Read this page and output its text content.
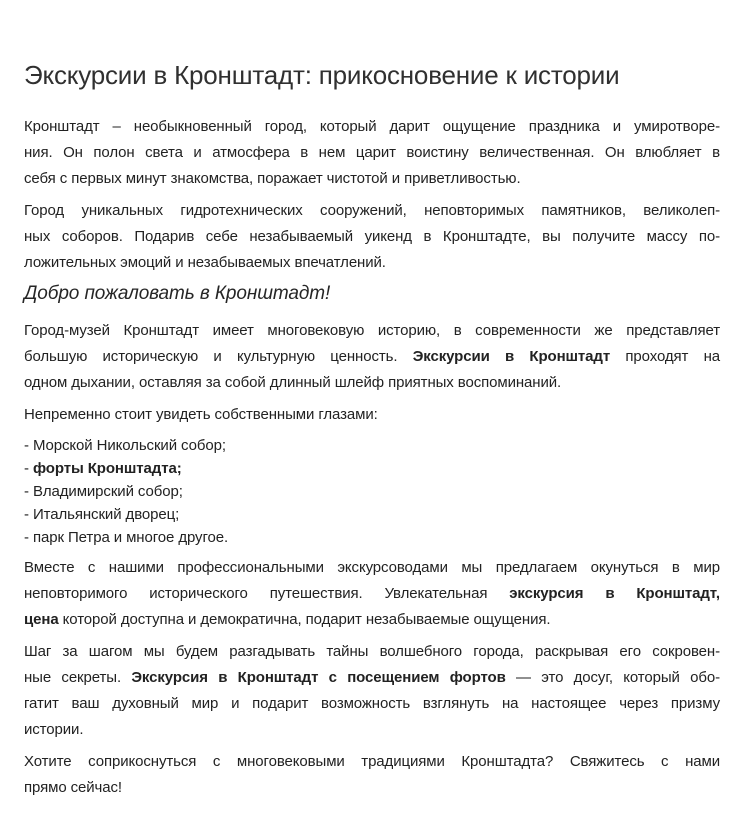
Экскурсии в Кронштадт: прикосновение к истории
Кронштадт – необыкновенный город, который дарит ощущение праздника и умиротворе-
ния. Он полон света и атмосфера в нем царит воистину величественная. Он влюбляет в
себя с первых минут знакомства, поражает чистотой и приветливостью.
Город уникальных гидротехнических сооружений, неповторимых памятников, великолеп-
ных соборов. Подарив себе незабываемый уикенд в Кронштадте, вы получите массу по-
ложительных эмоций и незабываемых впечатлений.
Добро пожаловать в Кронштадт!
Город-музей Кронштадт имеет многовековую историю, в современности же представляет
большую историческую и культурную ценность. Экскурсии в Кронштадт проходят на
одном дыхании, оставляя за собой длинный шлейф приятных воспоминаний.
Непременно стоит увидеть собственными глазами:
- Морской Никольский собор;
- форты Кронштадта;
- Владимирский собор;
- Итальянский дворец;
- парк Петра и многое другое.
Вместе с нашими профессиональными экскурсоводами мы предлагаем окунуться в мир
неповторимого исторического путешествия. Увлекательная экскурсия в Кронштадт,
цена которой доступна и демократична, подарит незабываемые ощущения.
Шаг за шагом мы будем разгадывать тайны волшебного города, раскрывая его сокровен-
ные секреты. Экскурсия в Кронштадт с посещением фортов — это досуг, который обо-
гатит ваш духовный мир и подарит возможность взглянуть на настоящее через призму
истории.
Хотите соприкоснуться с многовековыми традициями Кронштадта? Свяжитесь с нами
прямо сейчас!
